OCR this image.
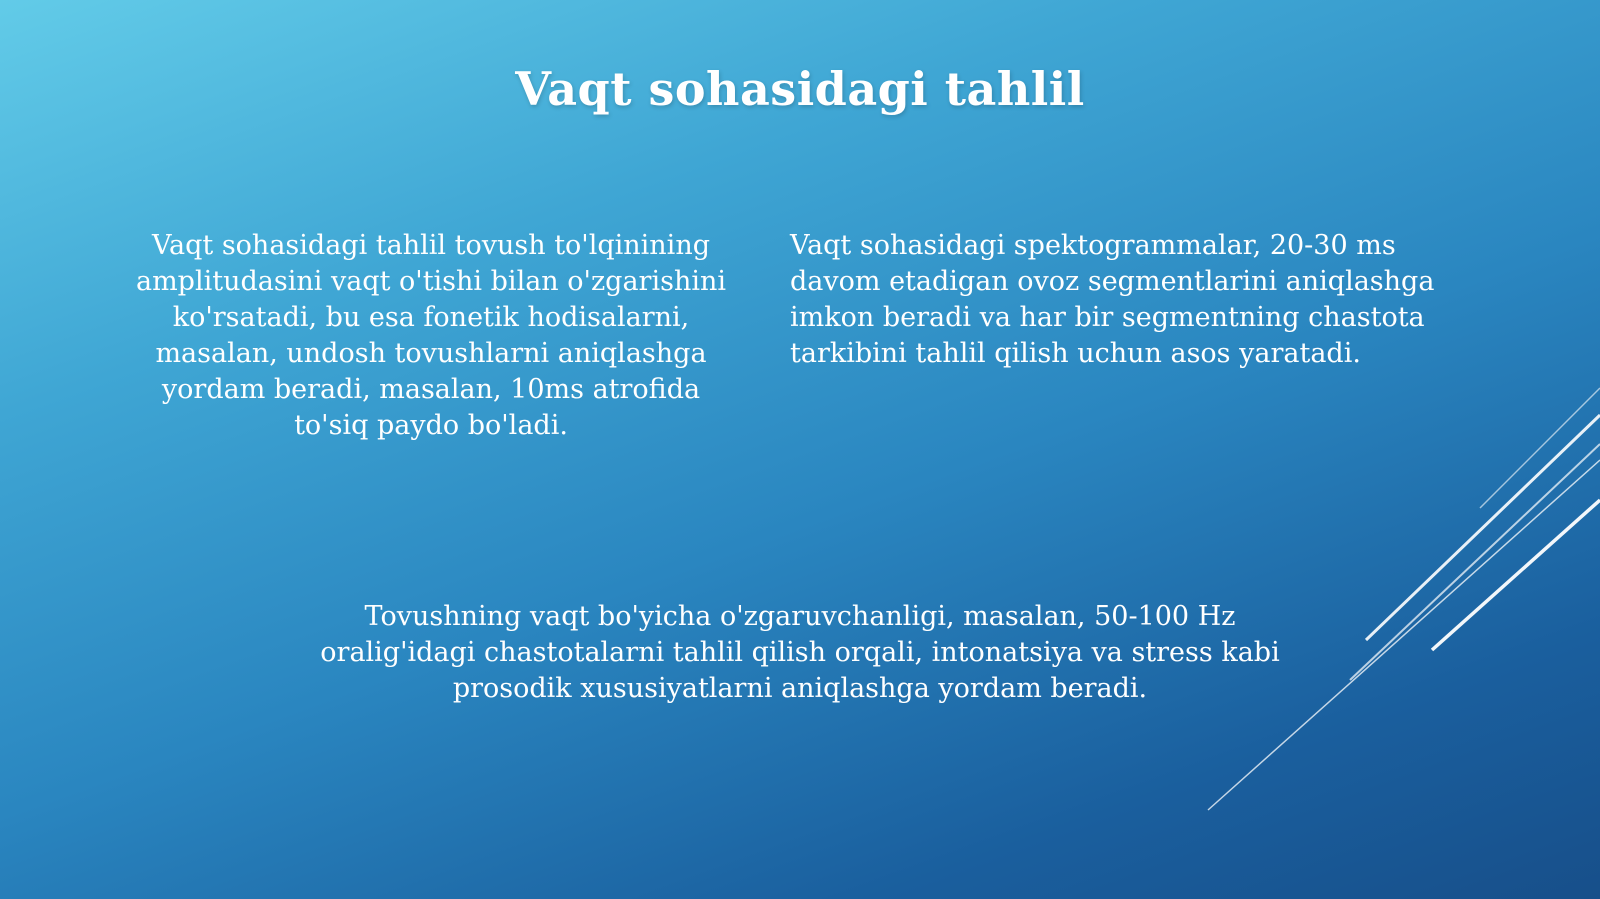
Vaqt sohasidagi tahlil
Vaqt sohasidagi tahlil tovush to'lqinining
amplitudasini vaqt o'tishi bilan o'zgarishini
ko'rsatadi, bu esa fonetik hodisalarni,
masalan, undosh tovushlarni aniqlashga
yordam beradi, masalan, 10ms atrofida
to'siq paydo bo'ladi.
Vaqt sohasidagi spektogrammalar, 20-30 ms
davom etadigan ovoz segmentlarini aniqlashga
imkon beradi va har bir segmentning chastota
tarkibini tahlil qilish uchun asos yaratadi.
Tovushning vaqt bo'yicha o'zgaruvchanligi, masalan, 50-100 Hz
oralig'idagi chastotalarni tahlil qilish orqali, intonatsiya va stress kabi
prosodik xususiyatlarni aniqlashga yordam beradi.
